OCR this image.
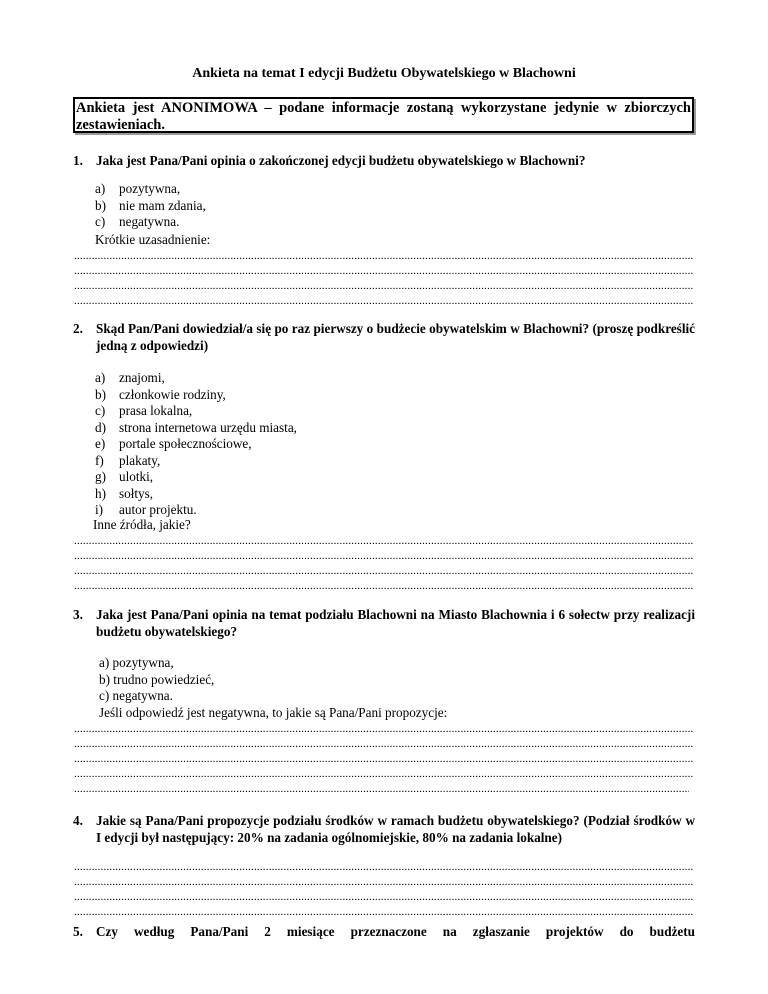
Ankieta na temat I edycji Budżetu Obywatelskiego w Blachowni
Ankieta jest ANONIMOWA – podane informacje zostaną wykorzystane jedynie w zbiorczych zestawieniach.
1. Jaka jest Pana/Pani opinia o zakończonej edycji budżetu obywatelskiego w Blachowni?
a)	pozytywna,
b) nie mam zdania,
c)	negatywna.
Krótkie uzasadnienie:
.....
.....
.....
.....
2. Skąd Pan/Pani dowiedział/a się po raz pierwszy o budżecie obywatelskim w Blachowni? (proszę podkreślić jedną z odpowiedzi)
a)	znajomi,
b) członkowie rodziny,
c)	prasa lokalna,
d) strona internetowa urzędu miasta,
e)	portale społecznościowe,
f)	plakaty,
g) ulotki,
h) sołtys,
i)	autor projektu.
Inne źródła, jakie?
.....
.....
.....
.....
3. Jaka jest Pana/Pani opinia na temat podziału Blachowni na Miasto Blachownia i 6 sołectw przy realizacji budżetu obywatelskiego?
a) pozytywna,
b) trudno powiedzieć,
c) negatywna.
Jeśli odpowiedź jest negatywna, to jakie są Pana/Pani propozycje:
.....
.....
.....
.....
.....
4. Jakie są Pana/Pani propozycje podziału środków w ramach budżetu obywatelskiego? (Podział środków w I edycji był następujący: 20% na zadania ogólnomiejskie, 80% na zadania lokalne)
.....
.....
.....
.....
5. Czy według Pana/Pani 2 miesiące przeznaczone na zgłaszanie projektów do budżetu
